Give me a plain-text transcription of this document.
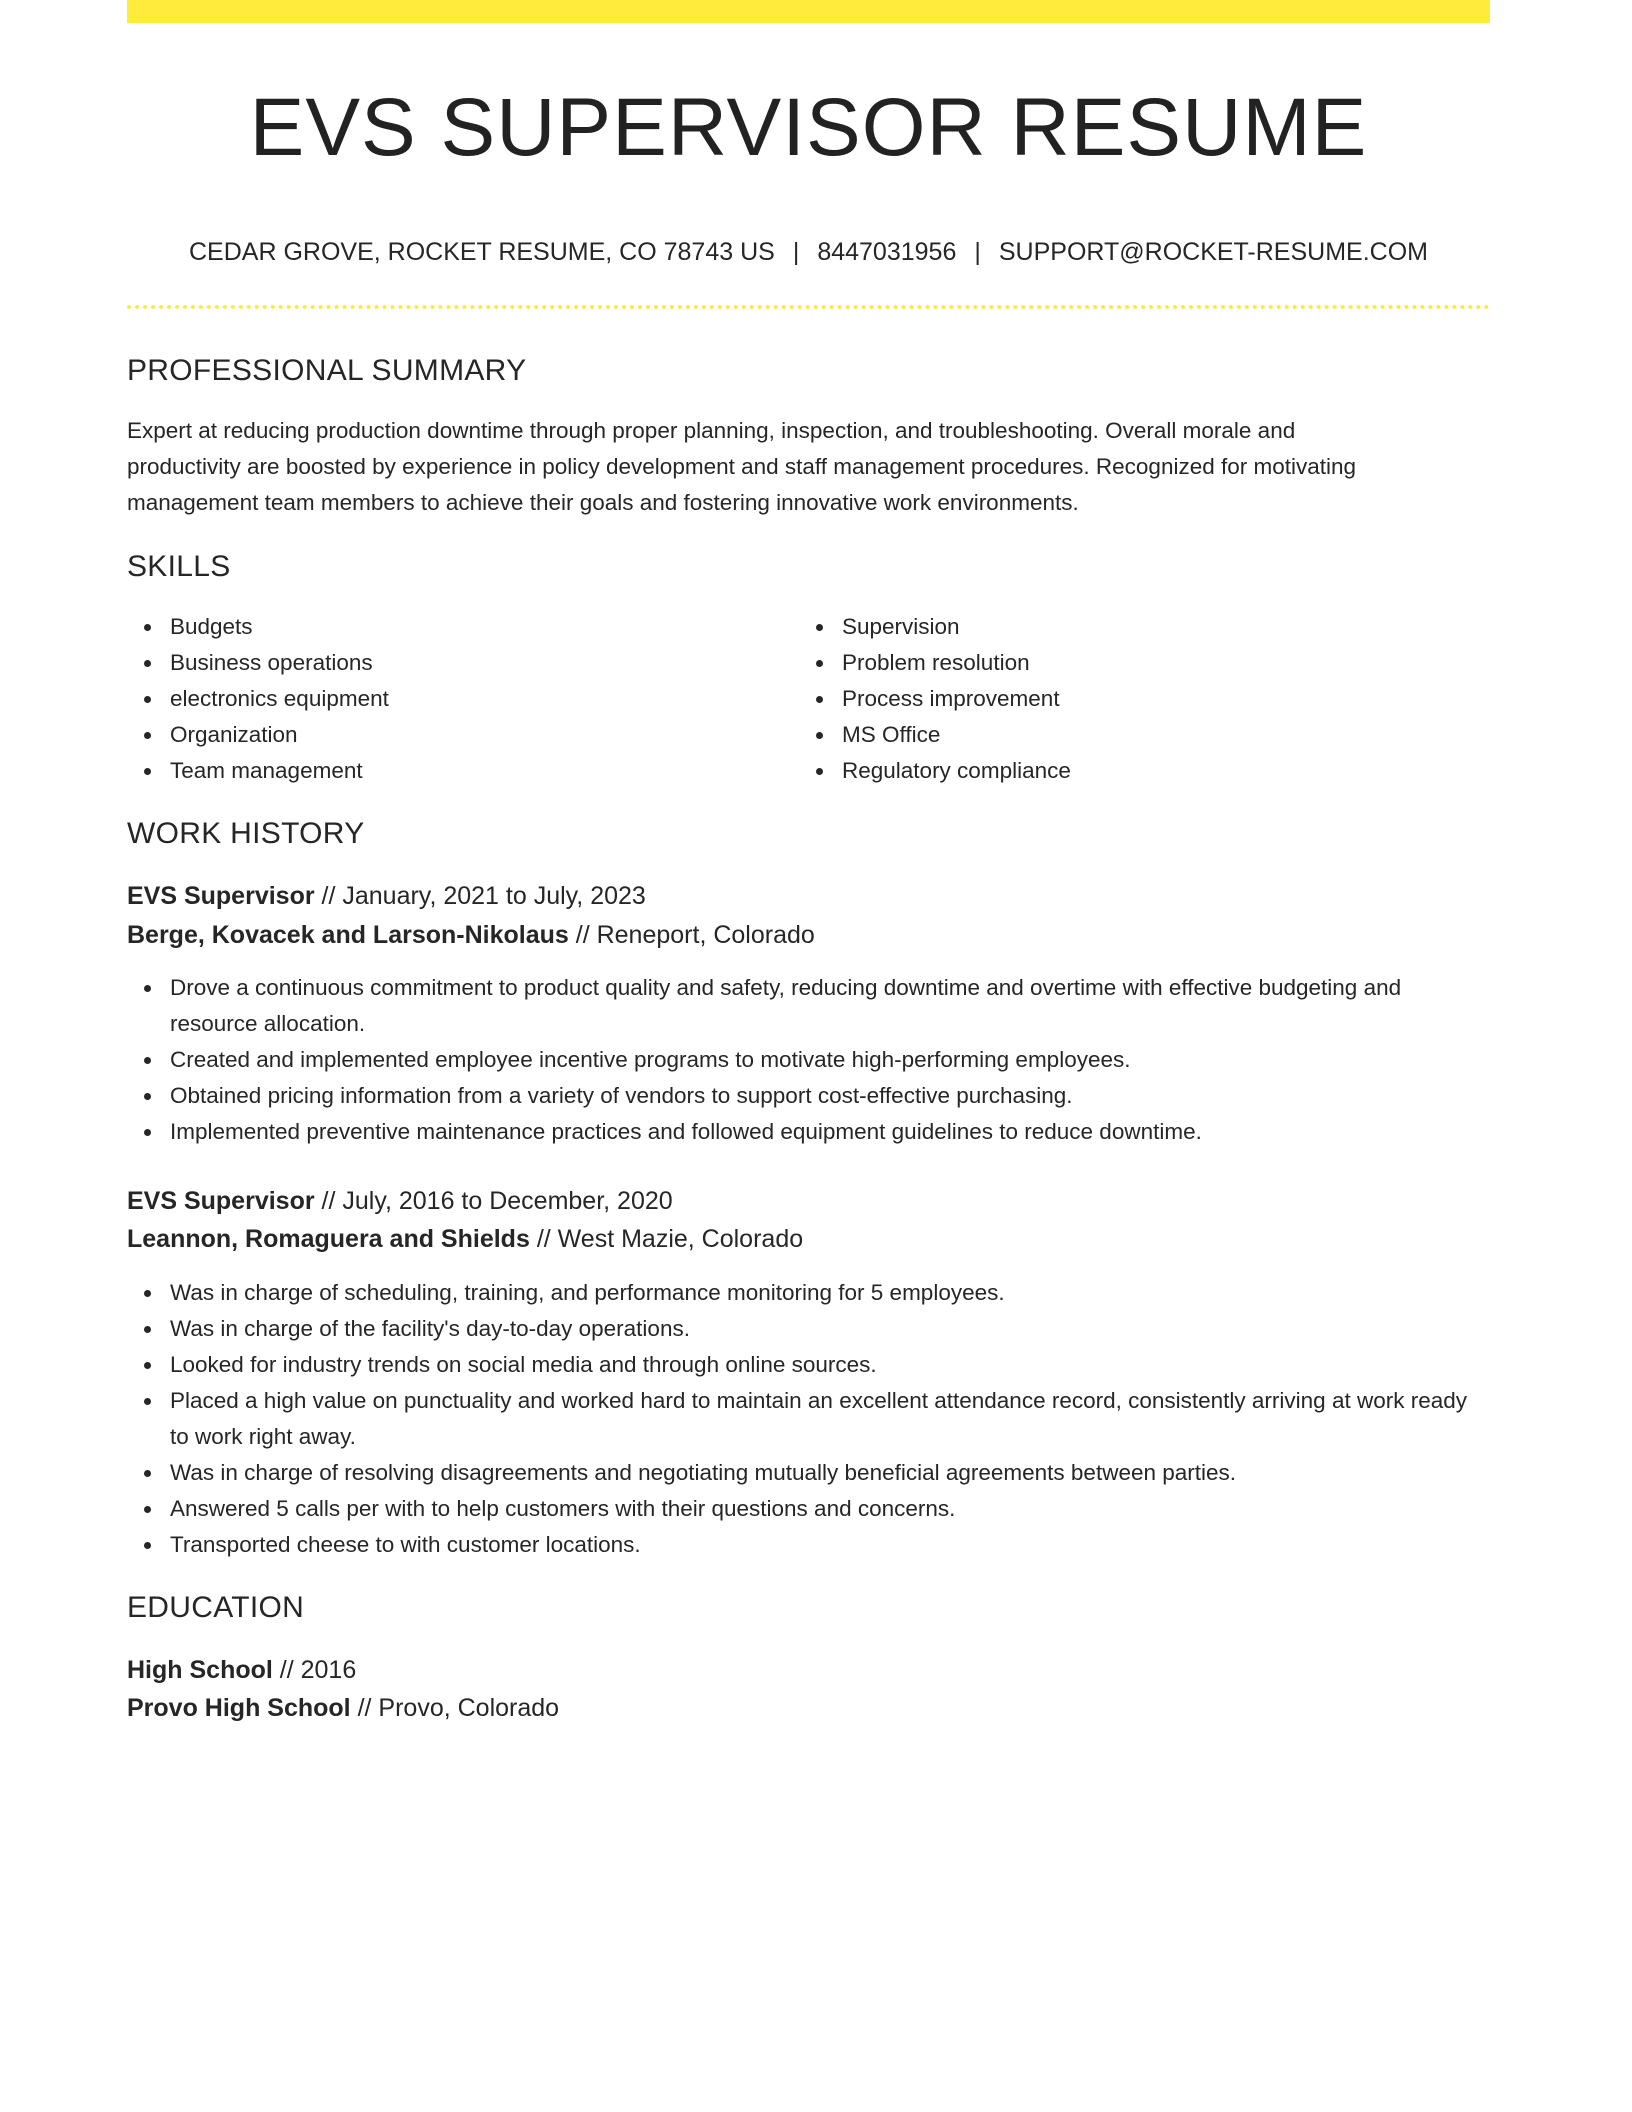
EVS SUPERVISOR RESUME
CEDAR GROVE, ROCKET RESUME, CO 78743 US | 8447031956 | SUPPORT@ROCKET-RESUME.COM
PROFESSIONAL SUMMARY
Expert at reducing production downtime through proper planning, inspection, and troubleshooting. Overall morale and
productivity are boosted by experience in policy development and staff management procedures. Recognized for motivating
management team members to achieve their goals and fostering innovative work environments.
SKILLS
Budgets
Business operations
electronics equipment
Organization
Team management
Supervision
Problem resolution
Process improvement
MS Office
Regulatory compliance
WORK HISTORY
EVS Supervisor // January, 2021 to July, 2023
Berge, Kovacek and Larson-Nikolaus // Reneport, Colorado
Drove a continuous commitment to product quality and safety, reducing downtime and overtime with effective budgeting and resource allocation.
Created and implemented employee incentive programs to motivate high-performing employees.
Obtained pricing information from a variety of vendors to support cost-effective purchasing.
Implemented preventive maintenance practices and followed equipment guidelines to reduce downtime.
EVS Supervisor // July, 2016 to December, 2020
Leannon, Romaguera and Shields // West Mazie, Colorado
Was in charge of scheduling, training, and performance monitoring for 5 employees.
Was in charge of the facility's day-to-day operations.
Looked for industry trends on social media and through online sources.
Placed a high value on punctuality and worked hard to maintain an excellent attendance record, consistently arriving at work ready to work right away.
Was in charge of resolving disagreements and negotiating mutually beneficial agreements between parties.
Answered 5 calls per with to help customers with their questions and concerns.
Transported cheese to with customer locations.
EDUCATION
High School // 2016
Provo High School // Provo, Colorado
